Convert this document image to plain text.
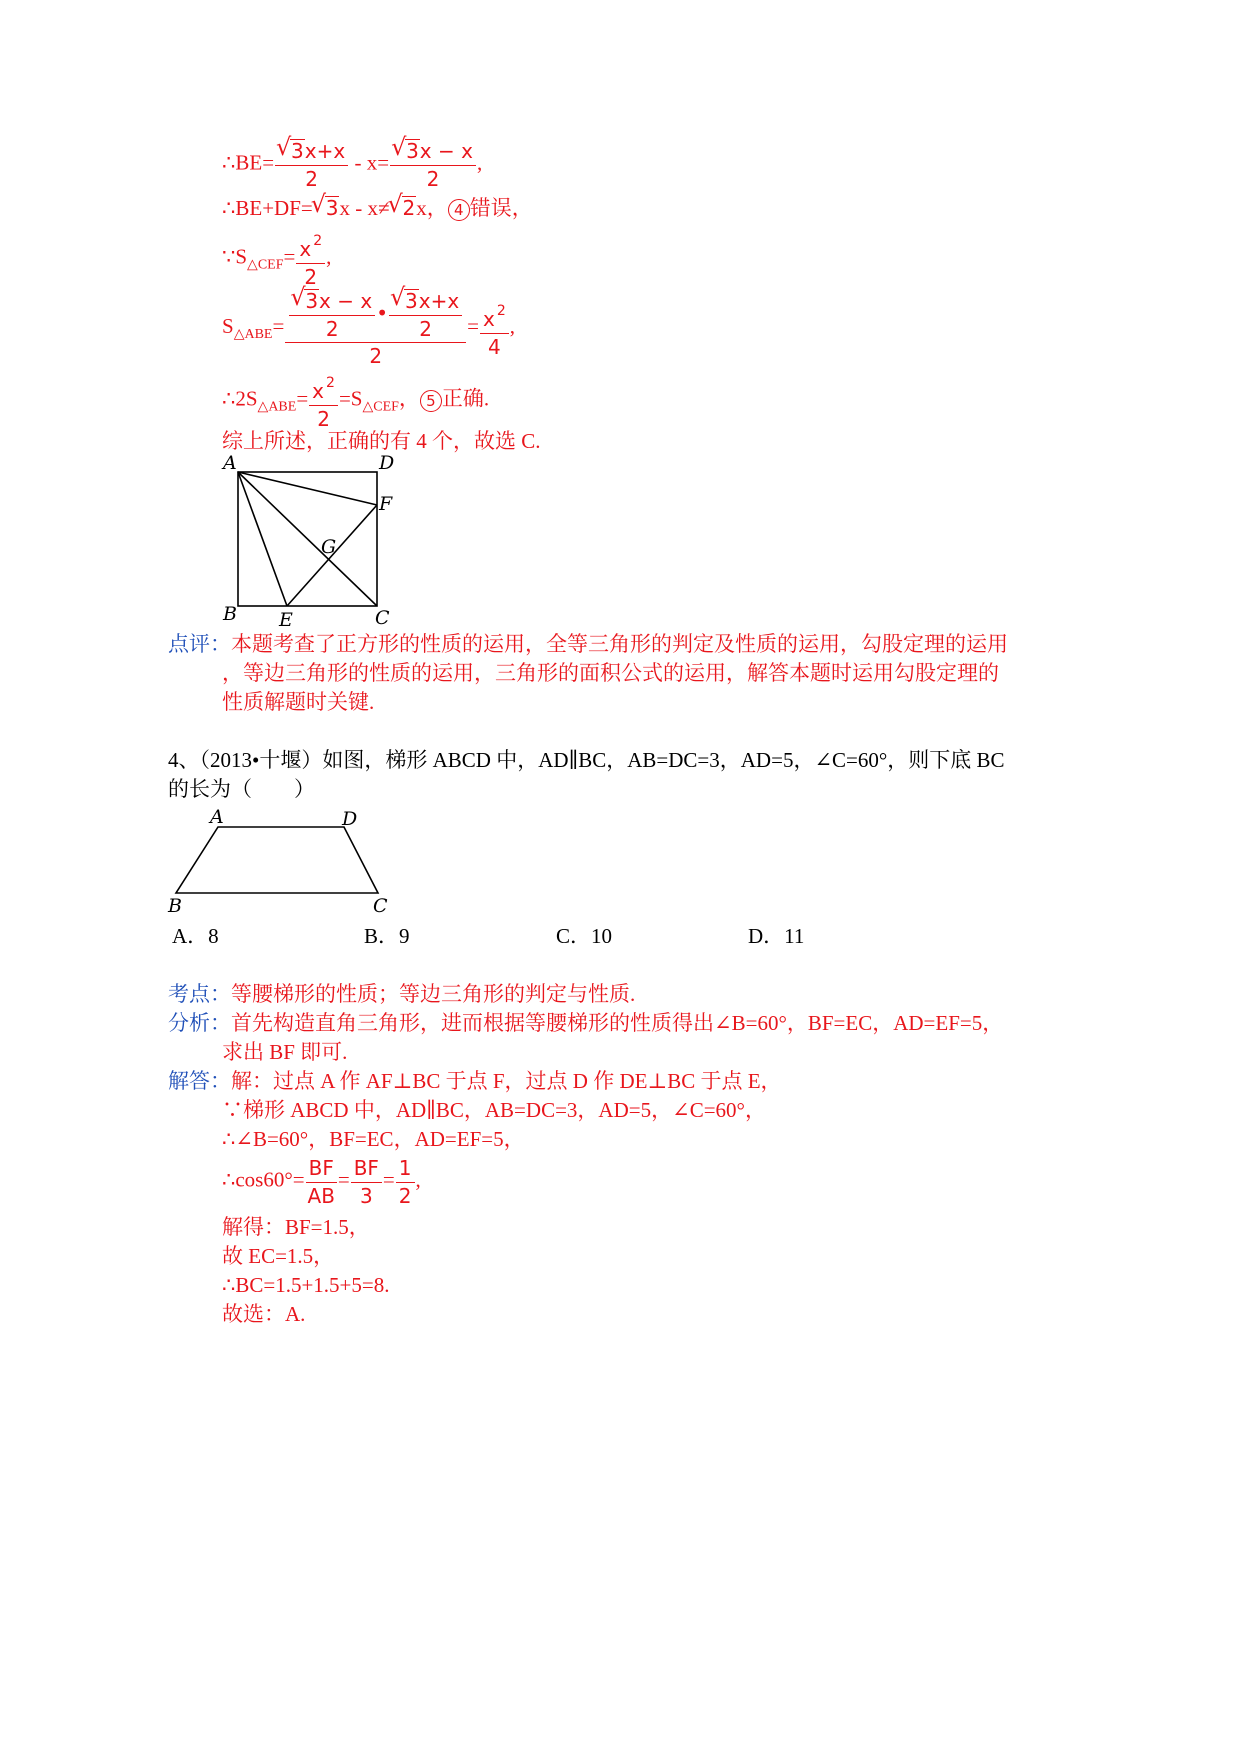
∴BE=
√ $\frac{3x+x}{2} - x=$
√ $\frac{3x - x}{2}$ ,
∴BE+DF=√ 3x - x≠√ 2x， 4 错误，
$\because S_{\triangle CEF}= \frac{x ^2}{2}$ ,
$S_{\triangle ABE}=$
√ $\frac{3x - x}{2}$ •
√ $\frac{3x+x}{2}$
$2 = \frac{x ^2}{4}$ ,
$\therefore 2S_{\triangle ABE}= \frac{x ^2}{2} =S_{\triangle CEF}$， 5 正确.
综上所述，正确的有 4 个，故选 C.
A	D
F
G
B E	C
点评：本题考查了正方形的性质的运用，全等三角形的判定及性质的运用，勾股定理的运用
，等边三角形的性质的运用，三角形的面积公式的运用，解答本题时运用勾股定理的
性质解题时关键.
4、（2013•十堰）如图，梯形 ABCD 中，AD∥BC，AB=DC=3，AD=5，∠C=60°，则下底 BC
的长为（　　）
A	D
B	C
A．8	B．9	C．10	D．11
考点：等腰梯形的性质；等边三角形的判定与性质.
分析：首先构造直角三角形，进而根据等腰梯形的性质得出∠B=60°，BF=EC，AD=EF=5，
求出 BF 即可.
解答：解：过点 A 作 AF⊥BC 于点 F，过点 D 作 DE⊥BC 于点 E，
∵梯形 ABCD 中，AD∥BC，AB=DC=3，AD=5，∠C=60°，
∴∠B=60°，BF=EC，AD=EF=5，
∴cos60°= $\frac{BF}{AB} = \frac{BF}{3} = \frac{1}{2}$ ,
解得：BF=1.5，
故 EC=1.5，
∴BC=1.5+1.5+5=8.
故选：A.
